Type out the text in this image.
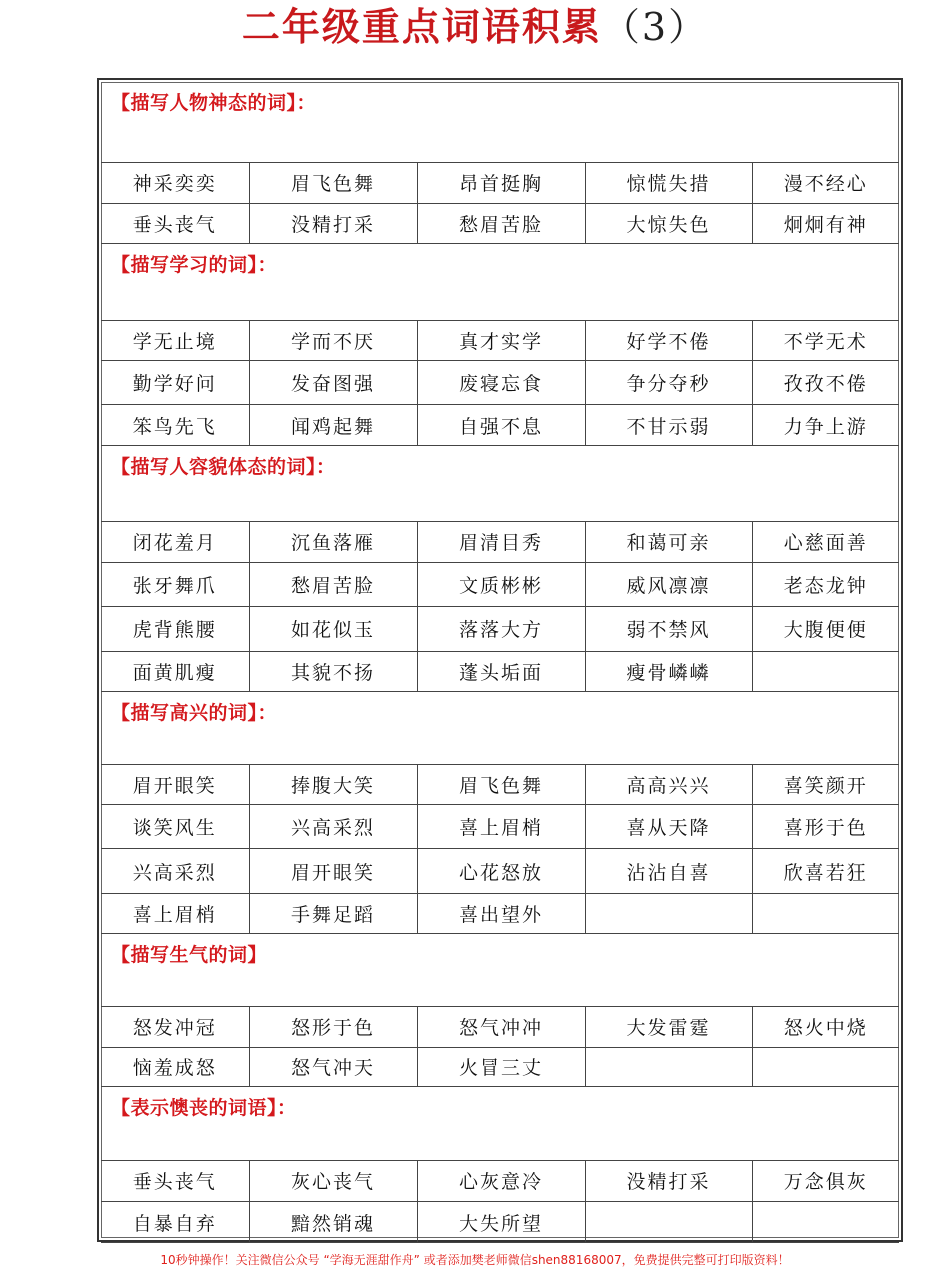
二年级重点词语积累（3）
【描写人物神态的词】：
神采奕奕	眉飞色舞	昂首挺胸	惊慌失措	漫不经心
垂头丧气	没精打采	愁眉苦脸	大惊失色	炯炯有神
【描写学习的词】：
学无止境	学而不厌	真才实学	好学不倦	不学无术
勤学好问	发奋图强	废寝忘食	争分夺秒	孜孜不倦
笨鸟先飞	闻鸡起舞	自强不息	不甘示弱	力争上游
【描写人容貌体态的词】：
闭花羞月	沉鱼落雁	眉清目秀	和蔼可亲	心慈面善
张牙舞爪	愁眉苦脸	文质彬彬	威风凛凛	老态龙钟
虎背熊腰	如花似玉	落落大方	弱不禁风	大腹便便
面黄肌瘦	其貌不扬	蓬头垢面	瘦骨嶙嶙	
【描写高兴的词】：
眉开眼笑	捧腹大笑	眉飞色舞	高高兴兴	喜笑颜开
谈笑风生	兴高采烈	喜上眉梢	喜从天降	喜形于色
兴高采烈	眉开眼笑	心花怒放	沾沾自喜	欣喜若狂
喜上眉梢	手舞足蹈	喜出望外		
【描写生气的词】
怒发冲冠	怒形于色	怒气冲冲	大发雷霆	怒火中烧
恼羞成怒	怒气冲天	火冒三丈		
【表示懊丧的词语】：
垂头丧气	灰心丧气	心灰意冷	没精打采	万念俱灰
自暴自弃	黯然销魂	大失所望		
10秒钟操作！关注微信公众号 “学海无涯甜作舟” 或者添加樊老师微信shen88168007，免费提供完整可打印版资料！
